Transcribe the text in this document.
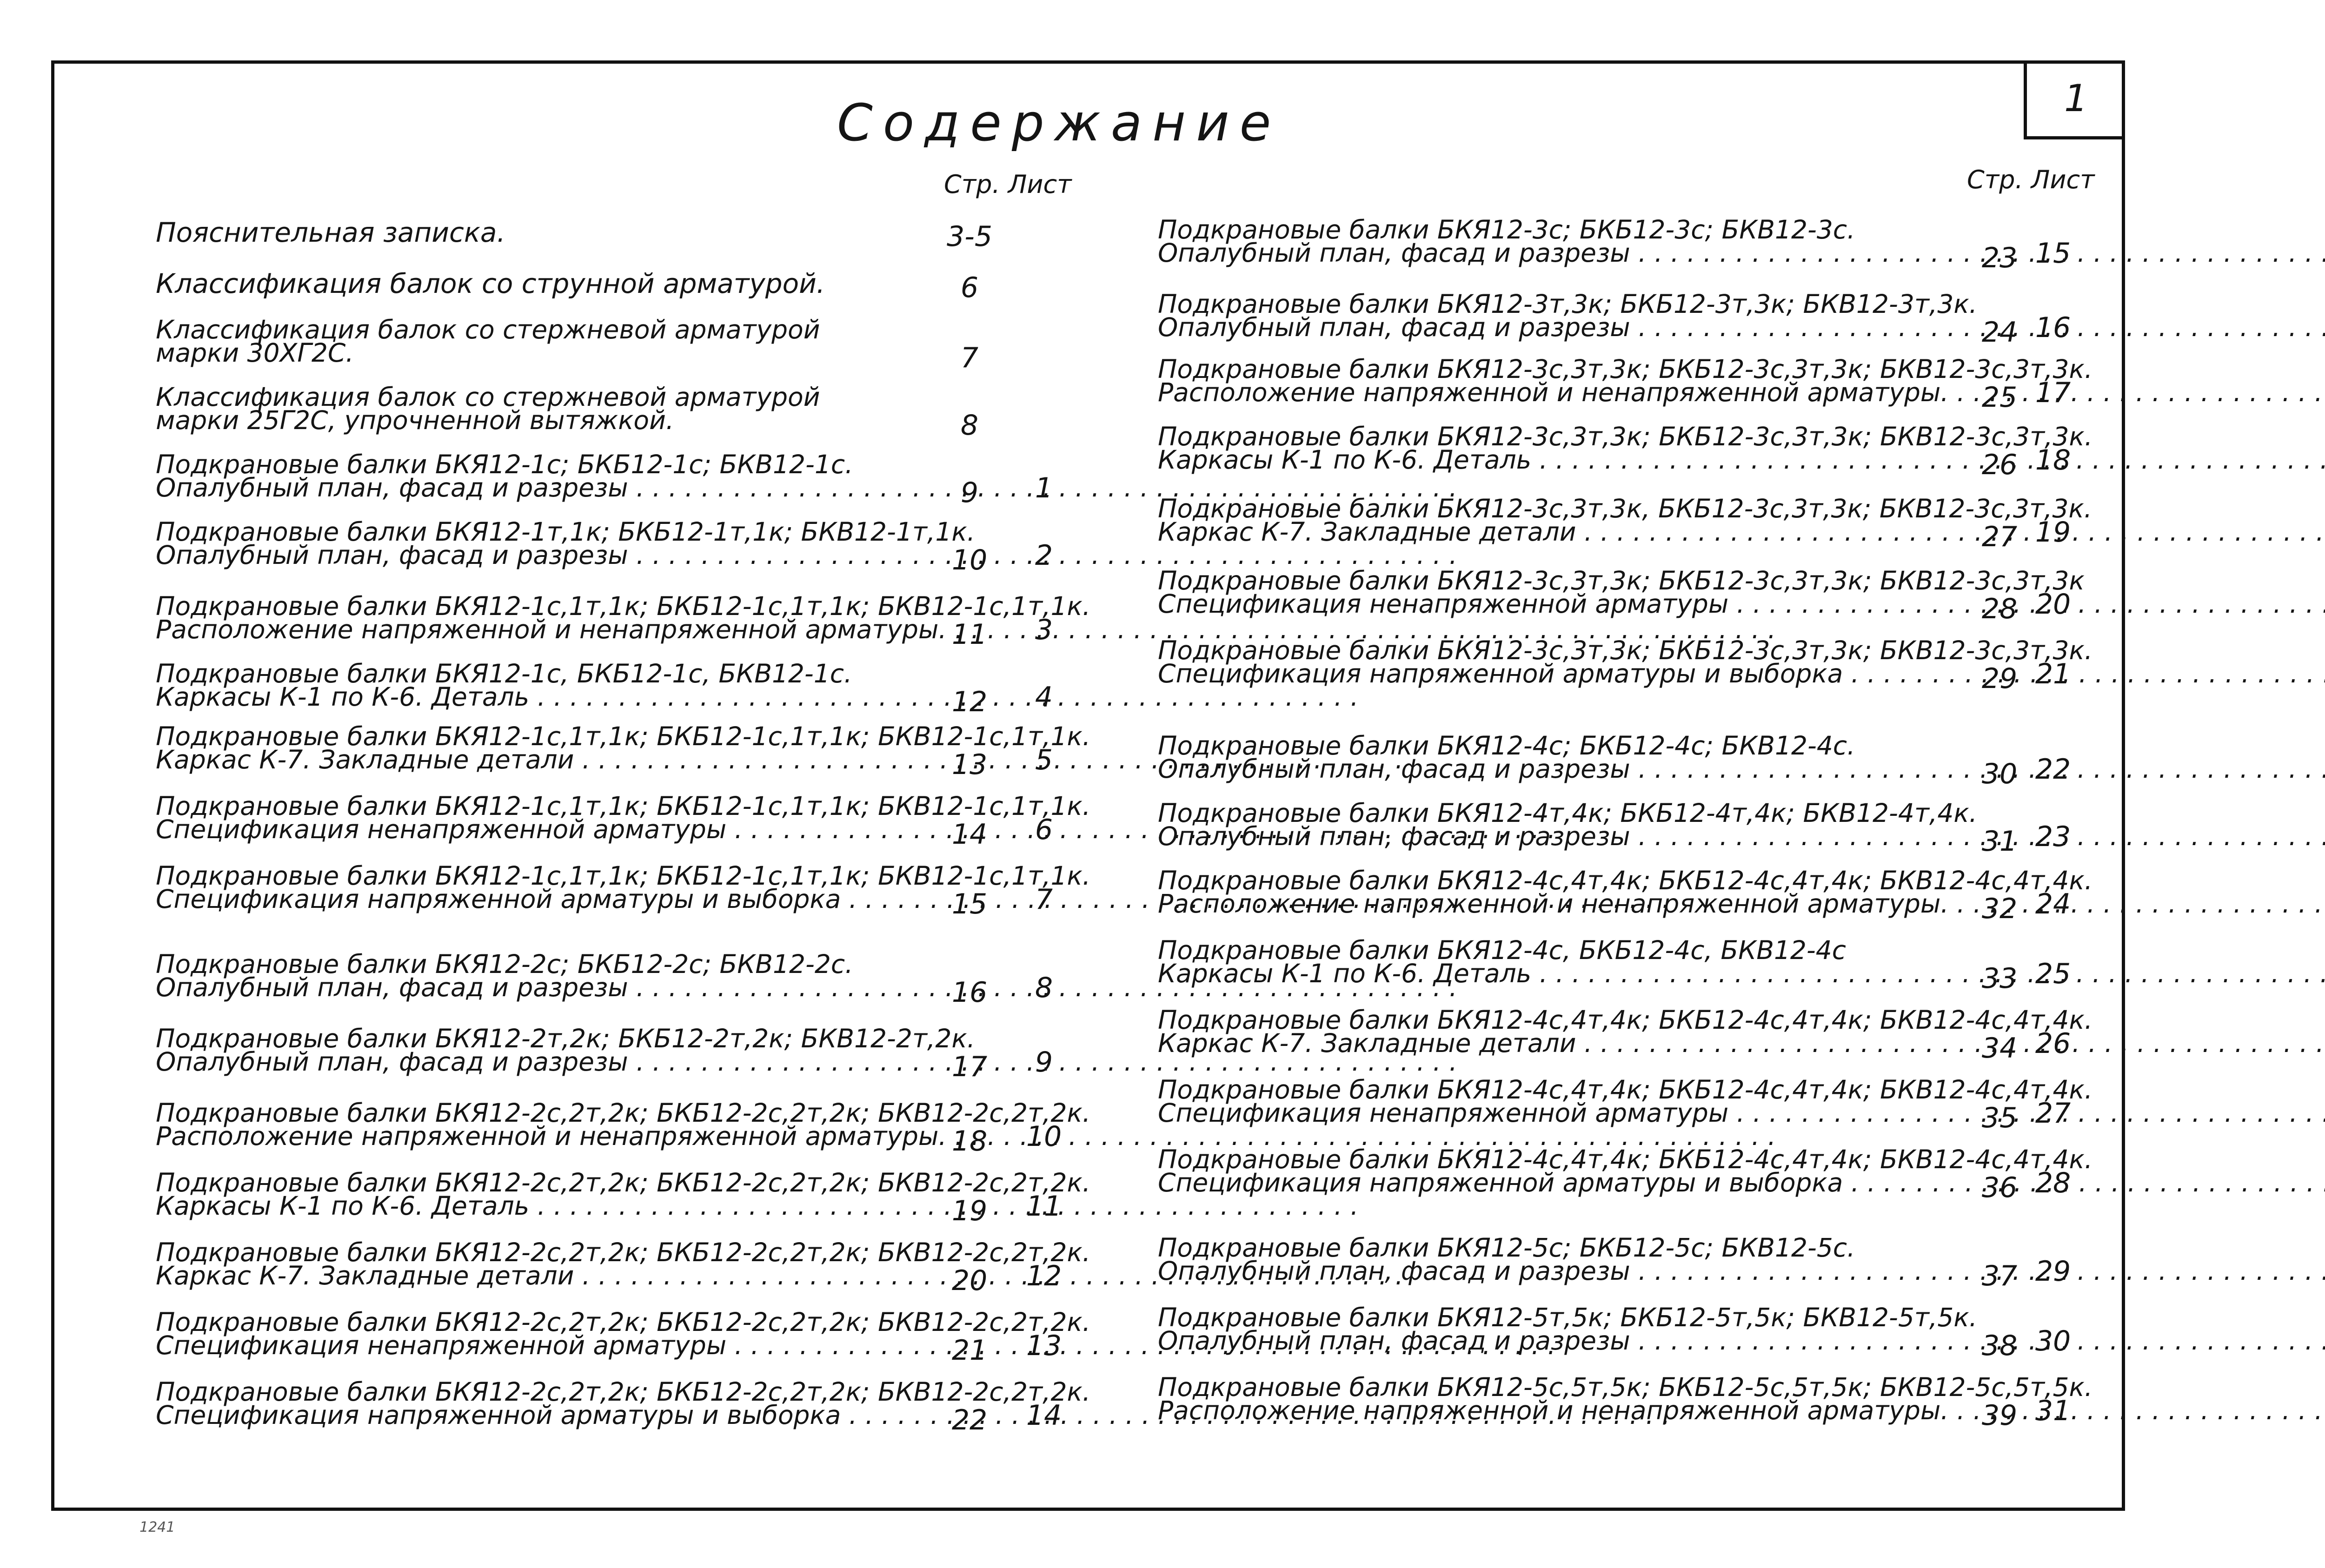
1
Содержание
Стр. Лист	Стр. Лист
Пояснительная записка.	3-5
Классификация балок со струнной арматурой.	6
Классификация балок со стержневой арматурой
марки 30ХГ2С.	7
Классификация балок со стержневой арматурой
марки 25Г2С, упрочненной вытяжкой.	8
Подкрановые балки БКЯ12-1с; БКБ12-1с; БКВ12-1с.
Опалубный план, фасад и разрезы . . .	9	1
Подкрановые балки БКЯ12-1т,1к; БКБ12-1т,1к; БКВ12-1т,1к.
Опалубный план, фасад и разрезы . . .	10	2
Подкрановые балки БКЯ12-1с,1т,1к; БКБ12-1с,1т,1к; БКВ12-1с,1т,1к.
Расположение напряженной и ненапряженной арматуры. . . . 11	3
Подкрановые балки БКЯ12-1с, БКБ12-1с, БКВ12-1с.
Каркасы К-1 по К-6. Деталь . . .	12	4
Подкрановые балки БКЯ12-1с,1т,1к; БКБ12-1с,1т,1к; БКВ12-1с,1т,1к.
Каркас К-7. Закладные детали . . .	13	5
Подкрановые балки БКЯ12-1с,1т,1к; БКБ12-1с,1т,1к; БКВ12-1с,1т,1к.
Спецификация ненапряженной арматуры . . .	14	6
Подкрановые балки БКЯ12-1с,1т,1к; БКБ12-1с,1т,1к; БКВ12-1с,1т,1к.
Спецификация напряженной арматуры и выборка . . .	15	7
Подкрановые балки БКЯ12-2с; БКБ12-2с; БКВ12-2с.
Опалубный план, фасад и разрезы . . .	16	8
Подкрановые балки БКЯ12-2т,2к; БКБ12-2т,2к; БКВ12-2т,2к.
Опалубный план, фасад и разрезы . . .	17	9
Подкрановые балки БКЯ12-2с,2т,2к; БКБ12-2с,2т,2к; БКВ12-2с,2т,2к.
Расположение напряженной и ненапряженной арматуры. . . . 18	10
Подкрановые балки БКЯ12-2с,2т,2к; БКБ12-2с,2т,2к; БКВ12-2с,2т,2к.
Каркасы К-1 по К-6. Деталь . . .	19	11
Подкрановые балки БКЯ12-2с,2т,2к; БКБ12-2с,2т,2к; БКВ12-2с,2т,2к.
Каркас К-7. Закладные детали . . .	20	12
Подкрановые балки БКЯ12-2с,2т,2к; БКБ12-2с,2т,2к; БКВ12-2с,2т,2к.
Спецификация ненапряженной арматуры . . .	21	13
Подкрановые балки БКЯ12-2с,2т,2к; БКБ12-2с,2т,2к; БКВ12-2с,2т,2к.
Спецификация напряженной арматуры и выборка . . .	22	14
Подкрановые балки БКЯ12-3с; БКБ12-3с; БКВ12-3с.
Опалубный план, фасад и разрезы . . .	23 15
Подкрановые балки БКЯ12-3т,3к; БКБ12-3т,3к; БКВ12-3т,3к.
Опалубный план, фасад и разрезы . . .	24 16
Подкрановые балки БКЯ12-3с,3т,3к; БКБ12-3с,3т,3к; БКВ12-3с,3т,3к.
Расположение напряженной и ненапряженной арматуры. . . .	25 17
Подкрановые балки БКЯ12-3с,3т,3к; БКБ12-3с,3т,3к; БКВ12-3с,3т,3к.
Каркасы К-1 по К-6. Деталь . . .	26 18
Подкрановые балки БКЯ12-3с,3т,3к, БКБ12-3с,3т,3к; БКВ12-3с,3т,3к.
Каркас К-7. Закладные детали . . .	27 19
Подкрановые балки БКЯ12-3с,3т,3к; БКБ12-3с,3т,3к; БКВ12-3с,3т,3к
Спецификация ненапряженной арматуры . . .	28 20
Подкрановые балки БКЯ12-3с,3т,3к; БКБ12-3с,3т,3к; БКВ12-3с,3т,3к.
Спецификация напряженной арматуры и выборка . . .	29 21
Подкрановые балки БКЯ12-4с; БКБ12-4с; БКВ12-4с.
Опалубный план, фасад и разрезы . . .	30 22
Подкрановые балки БКЯ12-4т,4к; БКБ12-4т,4к; БКВ12-4т,4к.
Опалубный план, фасад и разрезы . . .	31 23
Подкрановые балки БКЯ12-4с,4т,4к; БКБ12-4с,4т,4к; БКВ12-4с,4т,4к.
Расположение напряженной и ненапряженной арматуры. . . .	32 24
Подкрановые балки БКЯ12-4с, БКБ12-4с, БКВ12-4с
Каркасы К-1 по К-6. Деталь . . .	33 25
Подкрановые балки БКЯ12-4с,4т,4к; БКБ12-4с,4т,4к; БКВ12-4с,4т,4к.
Каркас К-7. Закладные детали . . .	34 26
Подкрановые балки БКЯ12-4с,4т,4к; БКБ12-4с,4т,4к; БКВ12-4с,4т,4к.
Спецификация ненапряженной арматуры . . .	35 27
Подкрановые балки БКЯ12-4с,4т,4к; БКБ12-4с,4т,4к; БКВ12-4с,4т,4к.
Спецификация напряженной арматуры и выборка . . .	36 28
Подкрановые балки БКЯ12-5с; БКБ12-5с; БКВ12-5с.
Опалубный план, фасад и разрезы . . .	37 29
Подкрановые балки БКЯ12-5т,5к; БКБ12-5т,5к; БКВ12-5т,5к.
Опалубный план, фасад и разрезы . . .	38 30
Подкрановые балки БКЯ12-5с,5т,5к; БКБ12-5с,5т,5к; БКВ12-5с,5т,5к.
Расположение напряженной и ненапряженной арматуры. . . .	39 31
1241
